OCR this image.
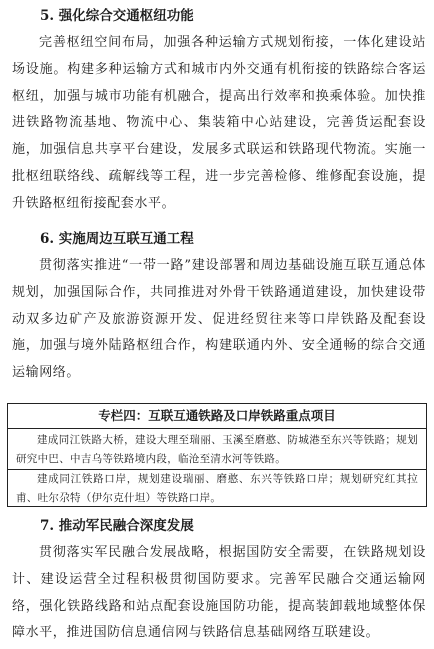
5. 强化综合交通枢纽功能

完善枢纽空间布局，加强各种运输方式规划衔接，一体化建设站场设施。构建多种运输方式和城市内外交通有机衔接的铁路综合客运枢纽，加强与城市功能有机融合，提高出行效率和换乘体验。加快推进铁路物流基地、物流中心、集装箱中心站建设，完善货运配套设施，加强信息共享平台建设，发展多式联运和铁路现代物流。实施一批枢纽联络线、疏解线等工程，进一步完善检修、维修配套设施，提升铁路枢纽衔接配套水平。

6. 实施周边互联互通工程

贯彻落实推进“一带一路”建设部署和周边基础设施互联互通总体规划，加强国际合作，共同推进对外骨干铁路通道建设，加快建设带动双多边矿产及旅游资源开发、促进经贸往来等口岸铁路及配套设施，加强与境外陆路枢纽合作，构建联通内外、安全通畅的综合交通运输网络。

专栏四：互联互通铁路及口岸铁路重点项目

建成同江铁路大桥，建设大理至瑞丽、玉溪至磨憨、防城港至东兴等铁路；规划研究中巴、中吉乌等铁路境内段，临沧至清水河等铁路。

建成同江铁路口岸，规划建设瑞丽、磨憨、东兴等铁路口岸；规划研究红其拉甫、吐尔尕特（伊尔克什坦）等铁路口岸。

7. 推动军民融合深度发展

贯彻落实军民融合发展战略，根据国防安全需要，在铁路规划设计、建设运营全过程积极贯彻国防要求。完善军民融合交通运输网络，强化铁路线路和站点配套设施国防功能，提高装卸载地域整体保障水平，推进国防信息通信网与铁路信息基础网络互联建设。
